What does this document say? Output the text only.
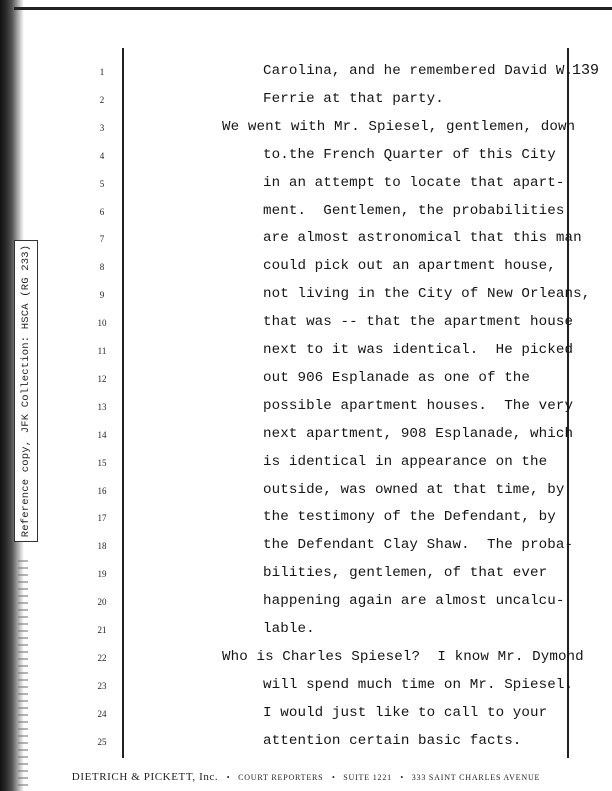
Reference copy, JFK Collection: HSCA (RG 233)
139
1	Carolina, and he remembered David W.
2	Ferrie at that party.
3	We went with Mr. Spiesel, gentlemen, down
4	to.the French Quarter of this City
5	in an attempt to locate that apart-
6	ment.  Gentlemen, the probabilities
7	are almost astronomical that this man
8	could pick out an apartment house,
9	not living in the City of New Orleans,
10	that was -- that the apartment house
11	next to it was identical.  He picked
12	out 906 Esplanade as one of the
13	possible apartment houses.  The very
14	next apartment, 908 Esplanade, which
15	is identical in appearance on the
16	outside, was owned at that time, by
17	the testimony of the Defendant, by
18	the Defendant Clay Shaw.  The proba-
19	bilities, gentlemen, of that ever
20	happening again are almost uncalcu-
21	lable.
22	Who is Charles Spiesel?  I know Mr. Dymond
23	will spend much time on Mr. Spiesel.
24	I would just like to call to your
25	attention certain basic facts.
DIETRICH & PICKETT, Inc. • COURT REPORTERS • SUITE 1221 • 333 SAINT CHARLES AVENUE
